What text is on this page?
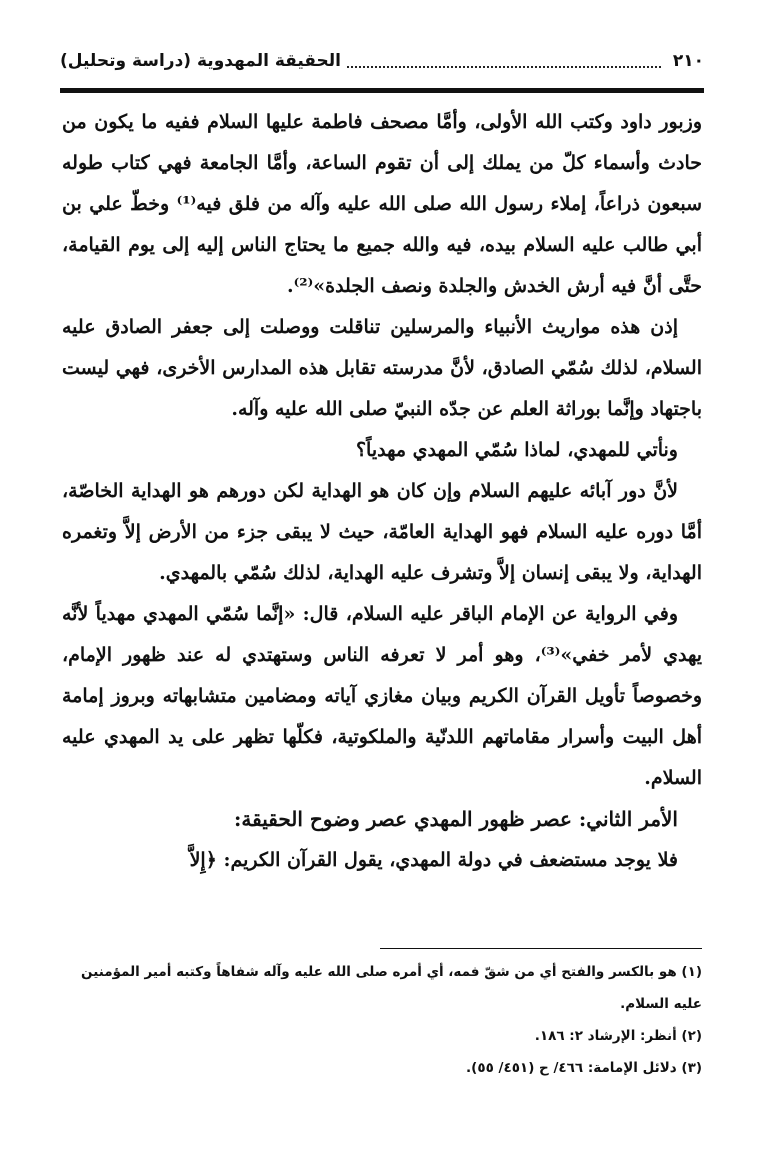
٢١٠
الحقيقة المهدوية (دراسة وتحليل)

وزبور داود وكتب الله الأولى، وأمَّا مصحف فاطمة عليها السلام ففيه ما يكون من حادث وأسماء كلّ من يملك إلى أن تقوم الساعة، وأمَّا الجامعة فهي كتاب طوله سبعون ذراعاً، إملاء رسول الله صلى الله عليه وآله من فلق فيه⁽¹⁾ وخطّ علي بن أبي طالب عليه السلام بيده، فيه والله جميع ما يحتاج الناس إليه إلى يوم القيامة، حتَّى أنَّ فيه أرش الخدش والجلدة ونصف الجلدة»⁽²⁾.

إذن هذه مواريث الأنبياء والمرسلين تناقلت ووصلت إلى جعفر الصادق عليه السلام، لذلك سُمّي الصادق، لأنَّ مدرسته تقابل هذه المدارس الأخرى، فهي ليست باجتهاد وإنَّما بوراثة العلم عن جدّه النبيّ صلى الله عليه وآله.

ونأتي للمهدي، لماذا سُمّي المهدي مهدياً؟

لأنَّ دور آبائه عليهم السلام وإن كان هو الهداية لكن دورهم هو الهداية الخاصّة، أمَّا دوره عليه السلام فهو الهداية العامّة، حيث لا يبقى جزء من الأرض إلاَّ وتغمره الهداية، ولا يبقى إنسان إلاَّ وتشرف عليه الهداية، لذلك سُمّي بالمهدي.

وفي الرواية عن الإمام الباقر عليه السلام، قال: «إنَّما سُمّي المهدي مهدياً لأنَّه يهدي لأمر خفي»⁽³⁾، وهو أمر لا تعرفه الناس وستهتدي له عند ظهور الإمام، وخصوصاً تأويل القرآن الكريم وبيان مغازي آياته ومضامين متشابهاته وبروز إمامة أهل البيت وأسرار مقاماتهم اللدنّية والملكوتية، فكلّها تظهر على يد المهدي عليه السلام.

الأمر الثاني: عصر ظهور المهدي عصر وضوح الحقيقة:

فلا يوجد مستضعف في دولة المهدي، يقول القرآن الكريم: ﴿إِلاَّ

(١) هو بالكسر والفتح أي من شقّ فمه، أي أمره صلى الله عليه وآله شفاهاً وكتبه أمير المؤمنين عليه السلام.

(٢) أنظر: الإرشاد ٢: ١٨٦.

(٣) دلائل الإمامة: ٤٦٦/ ح (٤٥١/ ٥٥).
